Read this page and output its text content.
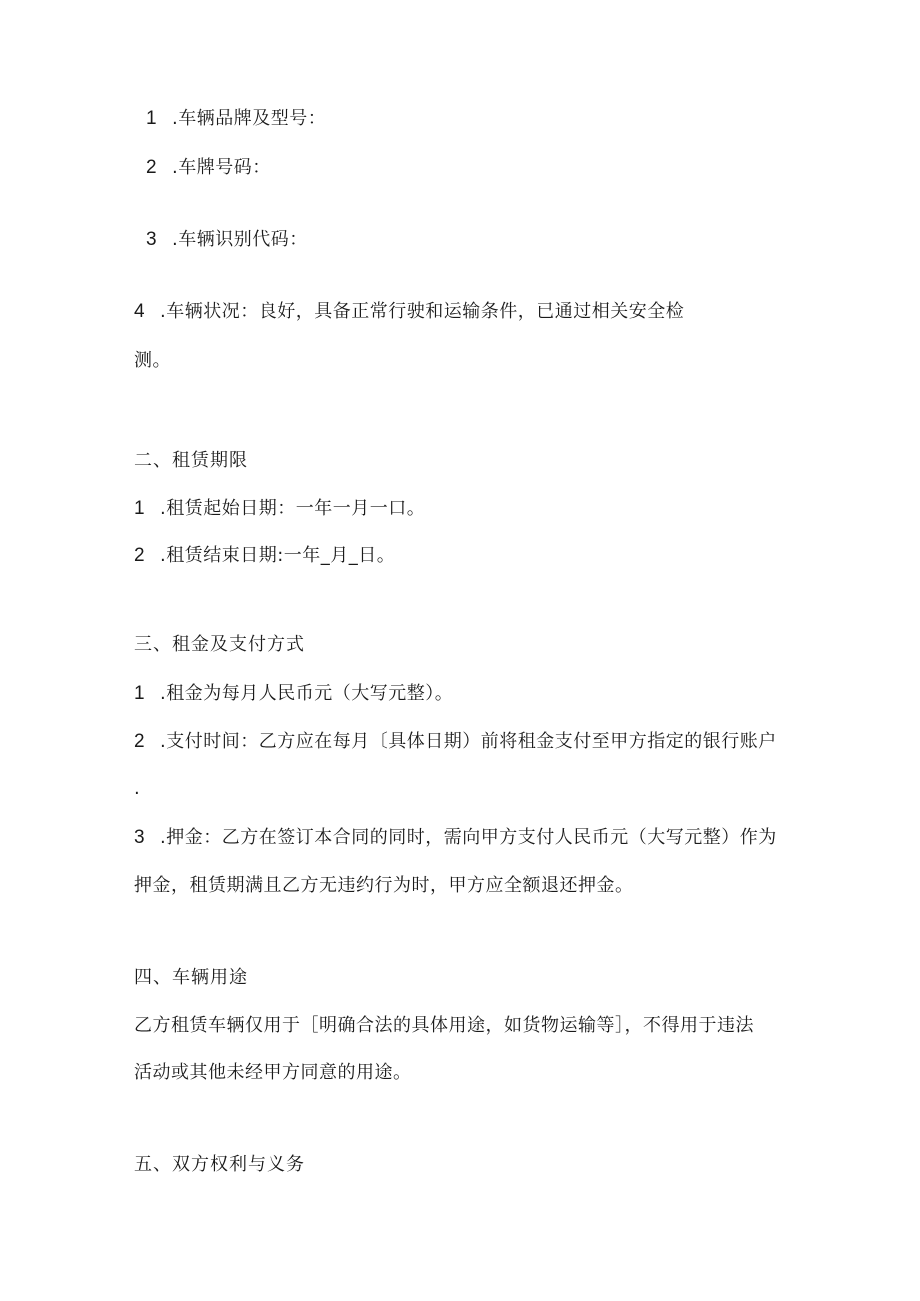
1 .车辆品牌及型号：
2 .车牌号码：
3 .车辆识别代码：
4 .车辆状况：良好，具备正常行驶和运输条件，已通过相关安全检
测。
二、租赁期限
1 .租赁起始日期：一年一月一口。
2 .租赁结束日期:一年_月_日。
三、租金及支付方式
1 .租金为每月人民币元（大写元整）。
2 .支付时间：乙方应在每月〔具体日期）前将租金支付至甲方指定的银行账户
.
3 .押金：乙方在签订本合同的同时，需向甲方支付人民币元（大写元整）作为
押金，租赁期满且乙方无违约行为时，甲方应全额退还押金。
四、车辆用途
乙方租赁车辆仅用于［明确合法的具体用途，如货物运输等］，不得用于违法
活动或其他未经甲方同意的用途。
五、双方权利与义务
